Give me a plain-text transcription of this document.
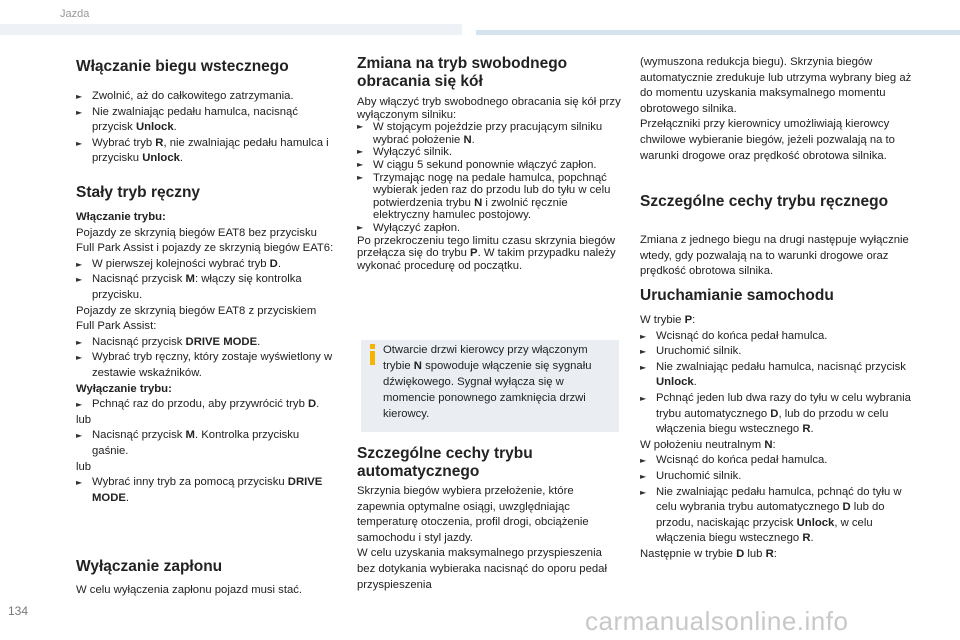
Jazda
Włączanie biegu wstecznego
► Zwolnić, aż do całkowitego zatrzymania.
► Nie zwalniając pedału hamulca, nacisnąć przycisk Unlock.
► Wybrać tryb R, nie zwalniając pedału hamulca i przycisku Unlock.
Stały tryb ręczny

Włączanie trybu:

Pojazdy ze skrzynią biegów EAT8 bez przycisku Full Park Assist i pojazdy ze skrzynią biegów EAT6:

► W pierwszej kolejności wybrać tryb D.
► Nacisnąć przycisk M: włączy się kontrolka przycisku.

Pojazdy ze skrzynią biegów EAT8 z przyciskiem Full Park Assist:

► Nacisnąć przycisk DRIVE MODE.
► Wybrać tryb ręczny, który zostaje wyświetlony w zestawie wskaźników.

Wyłączanie trybu:

► Pchnąć raz do przodu, aby przywrócić tryb D.

lub

► Nacisnąć przycisk M. Kontrolka przycisku gaśnie.

lub

► Wybrać inny tryb za pomocą przycisku DRIVE MODE.
Wyłączanie zapłonu
W celu wyłączenia zapłonu pojazd musi stać.
Zmiana na tryb swobodnego obracania się kół

Aby włączyć tryb swobodnego obracania się kół przy wyłączonym silniku:

► W stojącym pojeździe przy pracującym silniku wybrać położenie N.
► Wyłączyć silnik.
► W ciągu 5 sekund ponownie włączyć zapłon.
► Trzymając nogę na pedale hamulca, popchnąć wybierak jeden raz do przodu lub do tyłu w celu potwierdzenia trybu N i zwolnić ręcznie elektryczny hamulec postojowy.
► Wyłączyć zapłon.

Po przekroczeniu tego limitu czasu skrzynia biegów przełącza się do trybu P. W takim przypadku należy wykonać procedurę od początku.

Otwarcie drzwi kierowcy przy włączonym trybie N spowoduje włączenie się sygnału dźwiękowego. Sygnał wyłącza się w momencie ponownego zamknięcia drzwi kierowcy.
Szczególne cechy trybu automatycznego
Skrzynia biegów wybiera przełożenie, które zapewnia optymalne osiągi, uwzględniając temperaturę otoczenia, profil drogi, obciążenie samochodu i styl jazdy.
W celu uzyskania maksymalnego przyspieszenia bez dotykania wybieraka nacisnąć do oporu pedał przyspieszenia
(wymuszona redukcja biegu). Skrzynia biegów automatycznie zredukuje lub utrzyma wybrany bieg aż do momentu uzyskania maksymalnego momentu obrotowego silnika.
Przełączniki przy kierownicy umożliwiają kierowcy chwilowe wybieranie biegów, jeżeli pozwalają na to warunki drogowe oraz prędkość obrotowa silnika.
Szczególne cechy trybu ręcznego
Zmiana z jednego biegu na drugi następuje wyłącznie wtedy, gdy pozwalają na to warunki drogowe oraz prędkość obrotowa silnika.
Uruchamianie samochodu

W trybie P:

► Wcisnąć do końca pedał hamulca.
► Uruchomić silnik.
► Nie zwalniając pedału hamulca, nacisnąć przycisk Unlock.
► Pchnąć jeden lub dwa razy do tyłu w celu wybrania trybu automatycznego D, lub do przodu w celu włączenia biegu wstecznego R.

W położeniu neutralnym N:

► Wcisnąć do końca pedał hamulca.
► Uruchomić silnik.
► Nie zwalniając pedału hamulca, pchnąć do tyłu w celu wybrania trybu automatycznego D lub do przodu, naciskając przycisk Unlock, w celu włączenia biegu wstecznego R.

Następnie w trybie D lub R:

134	carmanualsonline.info
